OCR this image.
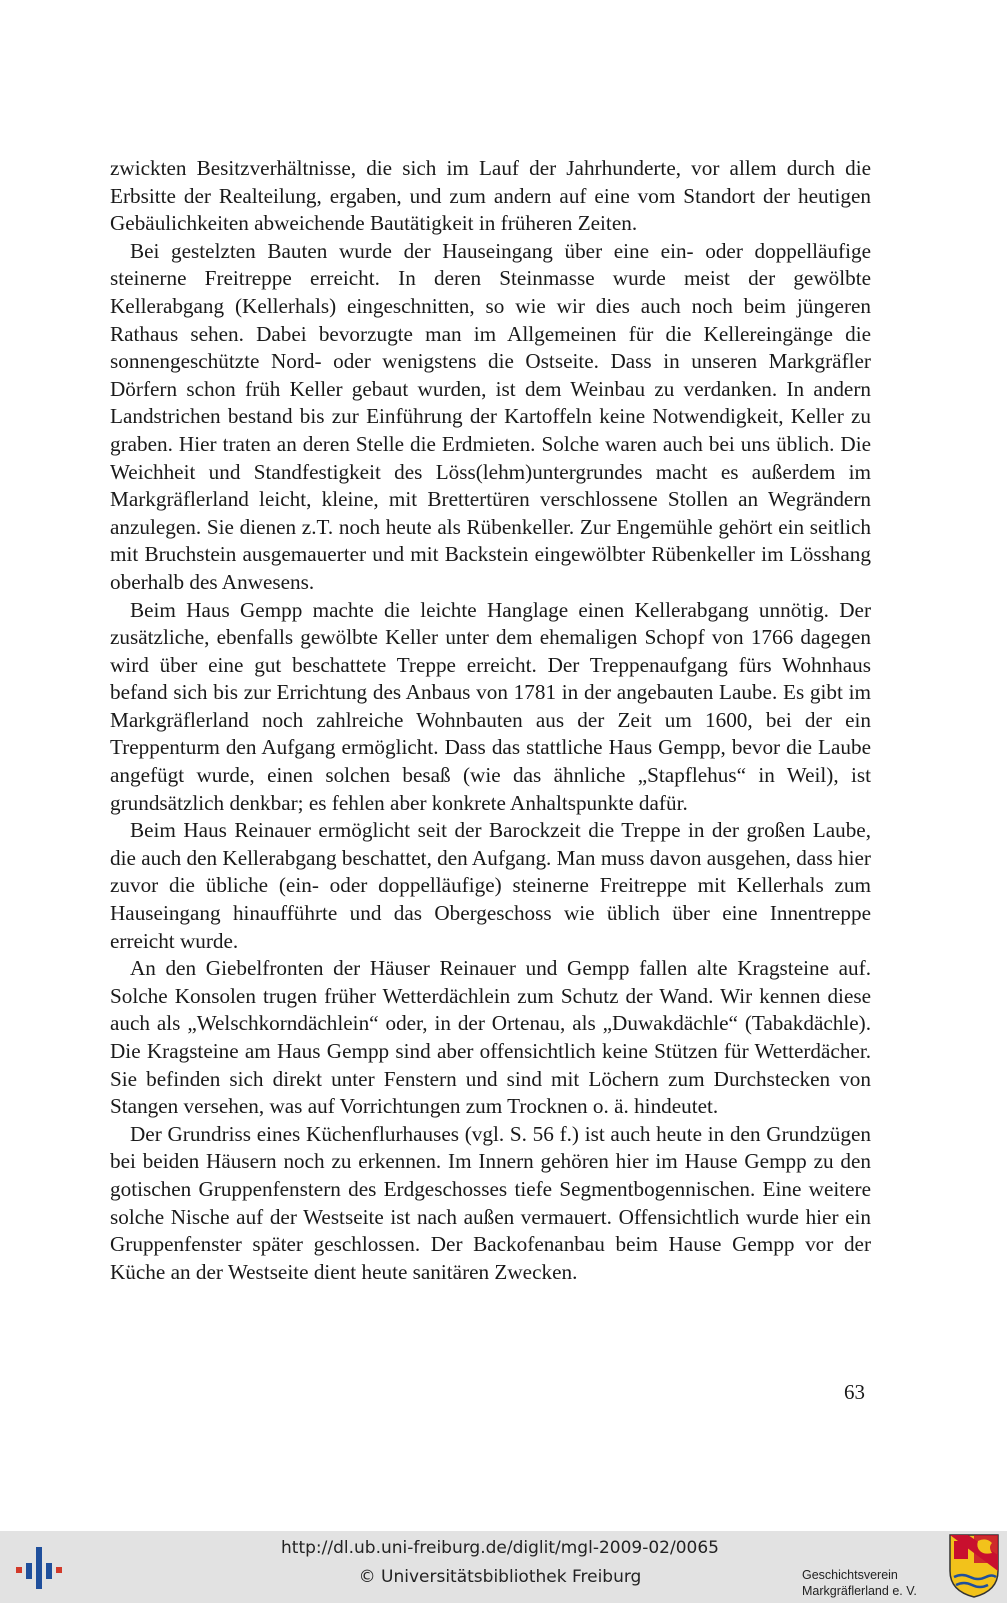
zwickten Besitzverhältnisse, die sich im Lauf der Jahrhunderte, vor allem durch die Erbsitte der Realteilung, ergaben, und zum andern auf eine vom Standort der heutigen Gebäulichkeiten abweichende Bautätigkeit in früheren Zeiten.

Bei gestelzten Bauten wurde der Hauseingang über eine ein- oder doppelläufige steinerne Freitreppe erreicht. In deren Steinmasse wurde meist der gewölbte Kellerabgang (Kellerhals) eingeschnitten, so wie wir dies auch noch beim jüngeren Rathaus sehen. Dabei bevorzugte man im Allgemeinen für die Kellereingänge die sonnengeschützte Nord- oder wenigstens die Ostseite. Dass in unseren Markgräfler Dörfern schon früh Keller gebaut wurden, ist dem Weinbau zu verdanken. In andern Landstrichen bestand bis zur Einführung der Kartoffeln keine Notwendigkeit, Keller zu graben. Hier traten an deren Stelle die Erdmieten. Solche waren auch bei uns üblich. Die Weichheit und Standfestigkeit des Löss(lehm)untergrundes macht es außerdem im Markgräflerland leicht, kleine, mit Brettertüren verschlossene Stollen an Wegrändern anzulegen. Sie dienen z.T. noch heute als Rübenkeller. Zur Engemühle gehört ein seitlich mit Bruchstein ausgemauerter und mit Backstein eingewölbter Rübenkeller im Lösshang oberhalb des Anwesens.

Beim Haus Gempp machte die leichte Hanglage einen Kellerabgang unnötig. Der zusätzliche, ebenfalls gewölbte Keller unter dem ehemaligen Schopf von 1766 dagegen wird über eine gut beschattete Treppe erreicht. Der Treppenaufgang fürs Wohnhaus befand sich bis zur Errichtung des Anbaus von 1781 in der angebauten Laube. Es gibt im Markgräflerland noch zahlreiche Wohnbauten aus der Zeit um 1600, bei der ein Treppenturm den Aufgang ermöglicht. Dass das stattliche Haus Gempp, bevor die Laube angefügt wurde, einen solchen besaß (wie das ähnliche „Stapflehus“ in Weil), ist grundsätzlich denkbar; es fehlen aber konkrete Anhaltspunkte dafür.

Beim Haus Reinauer ermöglicht seit der Barockzeit die Treppe in der großen Laube, die auch den Kellerabgang beschattet, den Aufgang. Man muss davon ausgehen, dass hier zuvor die übliche (ein- oder doppelläufige) steinerne Freitreppe mit Kellerhals zum Hauseingang hinaufführte und das Obergeschoss wie üblich über eine Innentreppe erreicht wurde.

An den Giebelfronten der Häuser Reinauer und Gempp fallen alte Kragsteine auf. Solche Konsolen trugen früher Wetterdächlein zum Schutz der Wand. Wir kennen diese auch als „Welschkorndächlein“ oder, in der Ortenau, als „Duwakdächle“ (Tabakdächle). Die Kragsteine am Haus Gempp sind aber offensichtlich keine Stützen für Wetterdächer. Sie befinden sich direkt unter Fenstern und sind mit Löchern zum Durchstecken von Stangen versehen, was auf Vorrichtungen zum Trocknen o. ä. hindeutet.

Der Grundriss eines Küchenflurhauses (vgl. S. 56 f.) ist auch heute in den Grundzügen bei beiden Häusern noch zu erkennen. Im Innern gehören hier im Hause Gempp zu den gotischen Gruppenfenstern des Erdgeschosses tiefe Segmentbogennischen. Eine weitere solche Nische auf der Westseite ist nach außen vermauert. Offensichtlich wurde hier ein Gruppenfenster später geschlossen. Der Backofenanbau beim Hause Gempp vor der Küche an der Westseite dient heute sanitären Zwecken.

63
http://dl.ub.uni-freiburg.de/diglit/mgl-2009-02/0065
© Universitätsbibliothek Freiburg	Geschichtsverein
Markgräflerland e. V.
